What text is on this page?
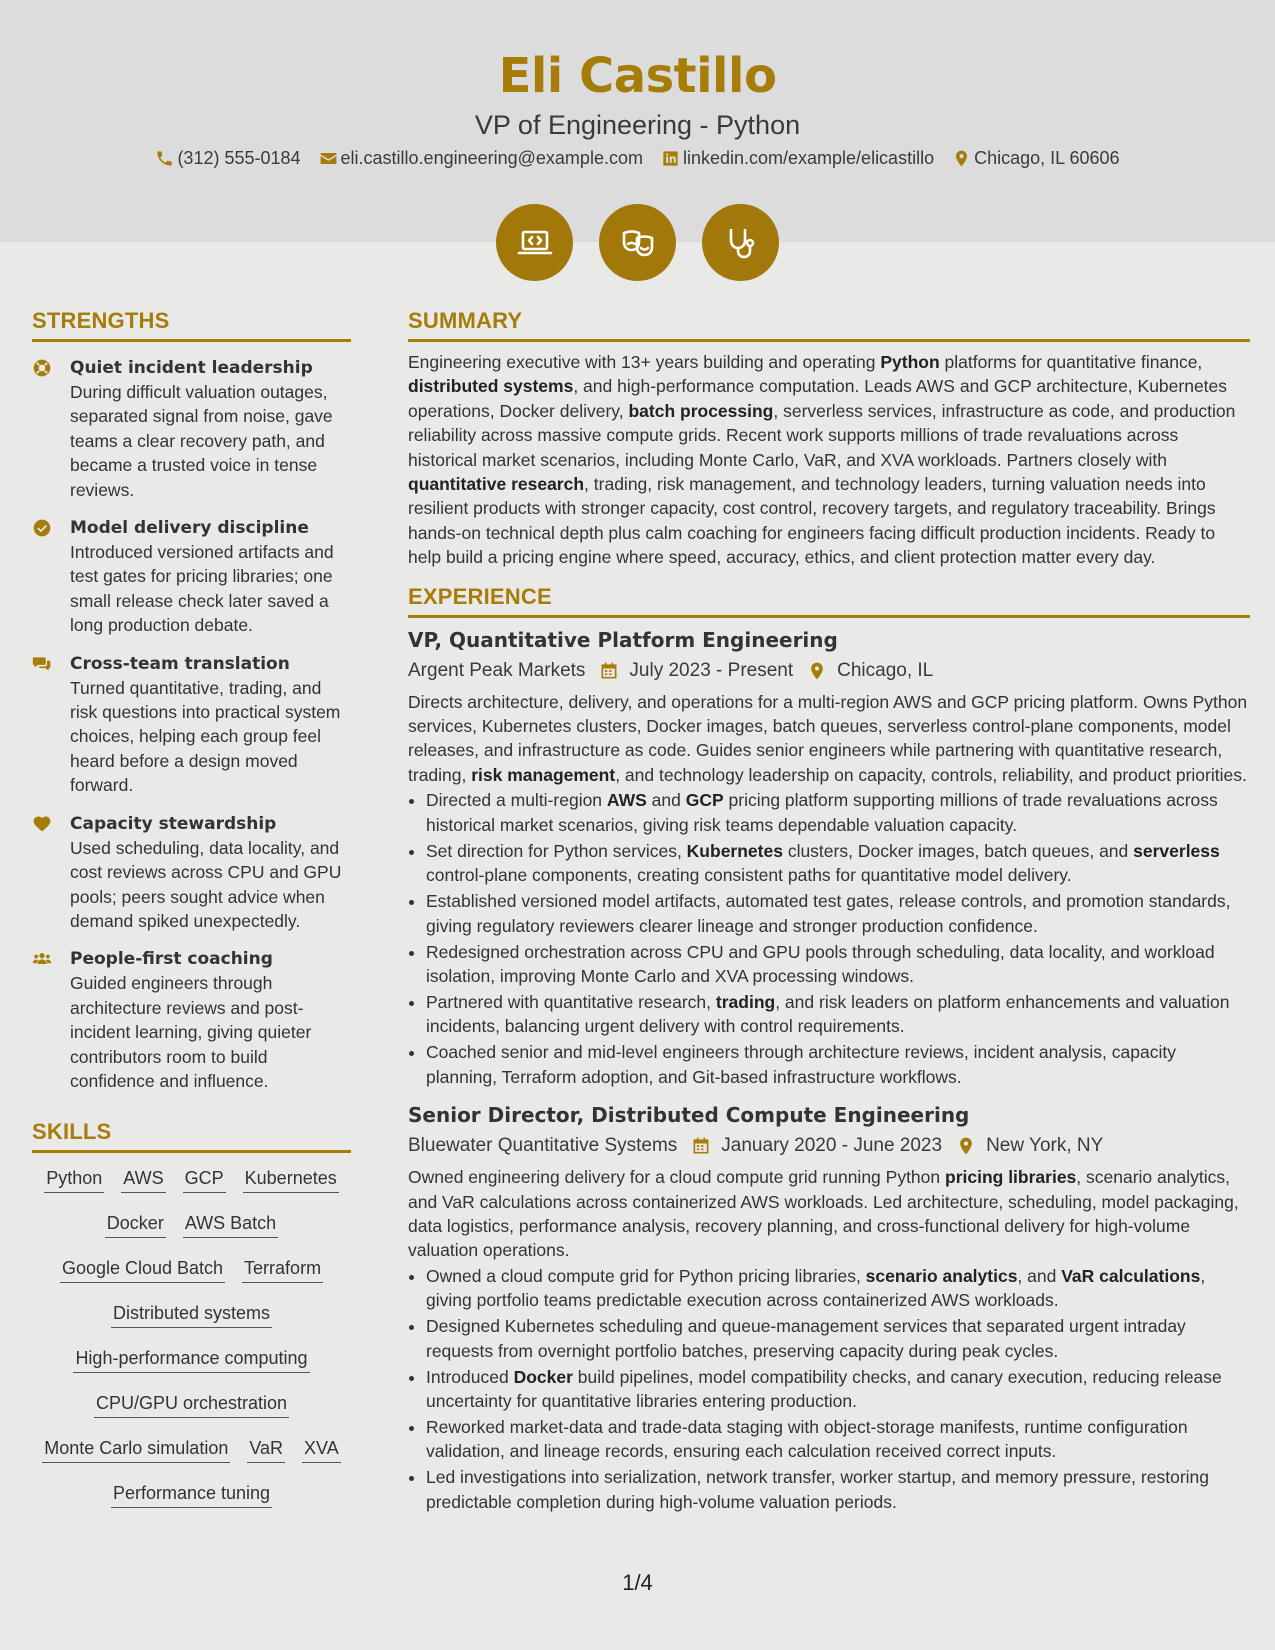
Eli Castillo
VP of Engineering - Python
(312) 555-0184 eli.castillo.engineering@example.com linkedin.com/example/elicastillo Chicago, IL 60606
STRENGTHS
Quiet incident leadership
During difficult valuation outages, separated signal from noise, gave teams a clear recovery path, and became a trusted voice in tense reviews.
Model delivery discipline
Introduced versioned artifacts and test gates for pricing libraries; one small release check later saved a long production debate.
Cross-team translation
Turned quantitative, trading, and risk questions into practical system choices, helping each group feel heard before a design moved forward.
Capacity stewardship
Used scheduling, data locality, and cost reviews across CPU and GPU pools; peers sought advice when demand spiked unexpectedly.
People-first coaching
Guided engineers through architecture reviews and post-incident learning, giving quieter contributors room to build confidence and influence.
SKILLS
Python AWS GCP Kubernetes
Docker AWS Batch
Google Cloud Batch Terraform
Distributed systems
High-performance computing
CPU/GPU orchestration
Monte Carlo simulation VaR XVA
Performance tuning
SUMMARY
Engineering executive with 13+ years building and operating Python platforms for quantitative finance, distributed systems, and high-performance computation. Leads AWS and GCP architecture, Kubernetes operations, Docker delivery, batch processing, serverless services, infrastructure as code, and production reliability across massive compute grids. Recent work supports millions of trade revaluations across historical market scenarios, including Monte Carlo, VaR, and XVA workloads. Partners closely with quantitative research, trading, risk management, and technology leaders, turning valuation needs into resilient products with stronger capacity, cost control, recovery targets, and regulatory traceability. Brings hands-on technical depth plus calm coaching for engineers facing difficult production incidents. Ready to help build a pricing engine where speed, accuracy, ethics, and client protection matter every day.
EXPERIENCE
VP, Quantitative Platform Engineering
Argent Peak Markets July 2023 - Present Chicago, IL
Directs architecture, delivery, and operations for a multi-region AWS and GCP pricing platform. Owns Python services, Kubernetes clusters, Docker images, batch queues, serverless control-plane components, model releases, and infrastructure as code. Guides senior engineers while partnering with quantitative research, trading, risk management, and technology leadership on capacity, controls, reliability, and product priorities.
• Directed a multi-region AWS and GCP pricing platform supporting millions of trade revaluations across historical market scenarios, giving risk teams dependable valuation capacity.
• Set direction for Python services, Kubernetes clusters, Docker images, batch queues, and serverless control-plane components, creating consistent paths for quantitative model delivery.
• Established versioned model artifacts, automated test gates, release controls, and promotion standards, giving regulatory reviewers clearer lineage and stronger production confidence.
• Redesigned orchestration across CPU and GPU pools through scheduling, data locality, and workload isolation, improving Monte Carlo and XVA processing windows.
• Partnered with quantitative research, trading, and risk leaders on platform enhancements and valuation incidents, balancing urgent delivery with control requirements.
• Coached senior and mid-level engineers through architecture reviews, incident analysis, capacity planning, Terraform adoption, and Git-based infrastructure workflows.
Senior Director, Distributed Compute Engineering
Bluewater Quantitative Systems January 2020 - June 2023 New York, NY
Owned engineering delivery for a cloud compute grid running Python pricing libraries, scenario analytics, and VaR calculations across containerized AWS workloads. Led architecture, scheduling, model packaging, data logistics, performance analysis, recovery planning, and cross-functional delivery for high-volume valuation operations.
• Owned a cloud compute grid for Python pricing libraries, scenario analytics, and VaR calculations, giving portfolio teams predictable execution across containerized AWS workloads.
• Designed Kubernetes scheduling and queue-management services that separated urgent intraday requests from overnight portfolio batches, preserving capacity during peak cycles.
• Introduced Docker build pipelines, model compatibility checks, and canary execution, reducing release uncertainty for quantitative libraries entering production.
• Reworked market-data and trade-data staging with object-storage manifests, runtime configuration validation, and lineage records, ensuring each calculation received correct inputs.
• Led investigations into serialization, network transfer, worker startup, and memory pressure, restoring predictable completion during high-volume valuation periods.
1/4
